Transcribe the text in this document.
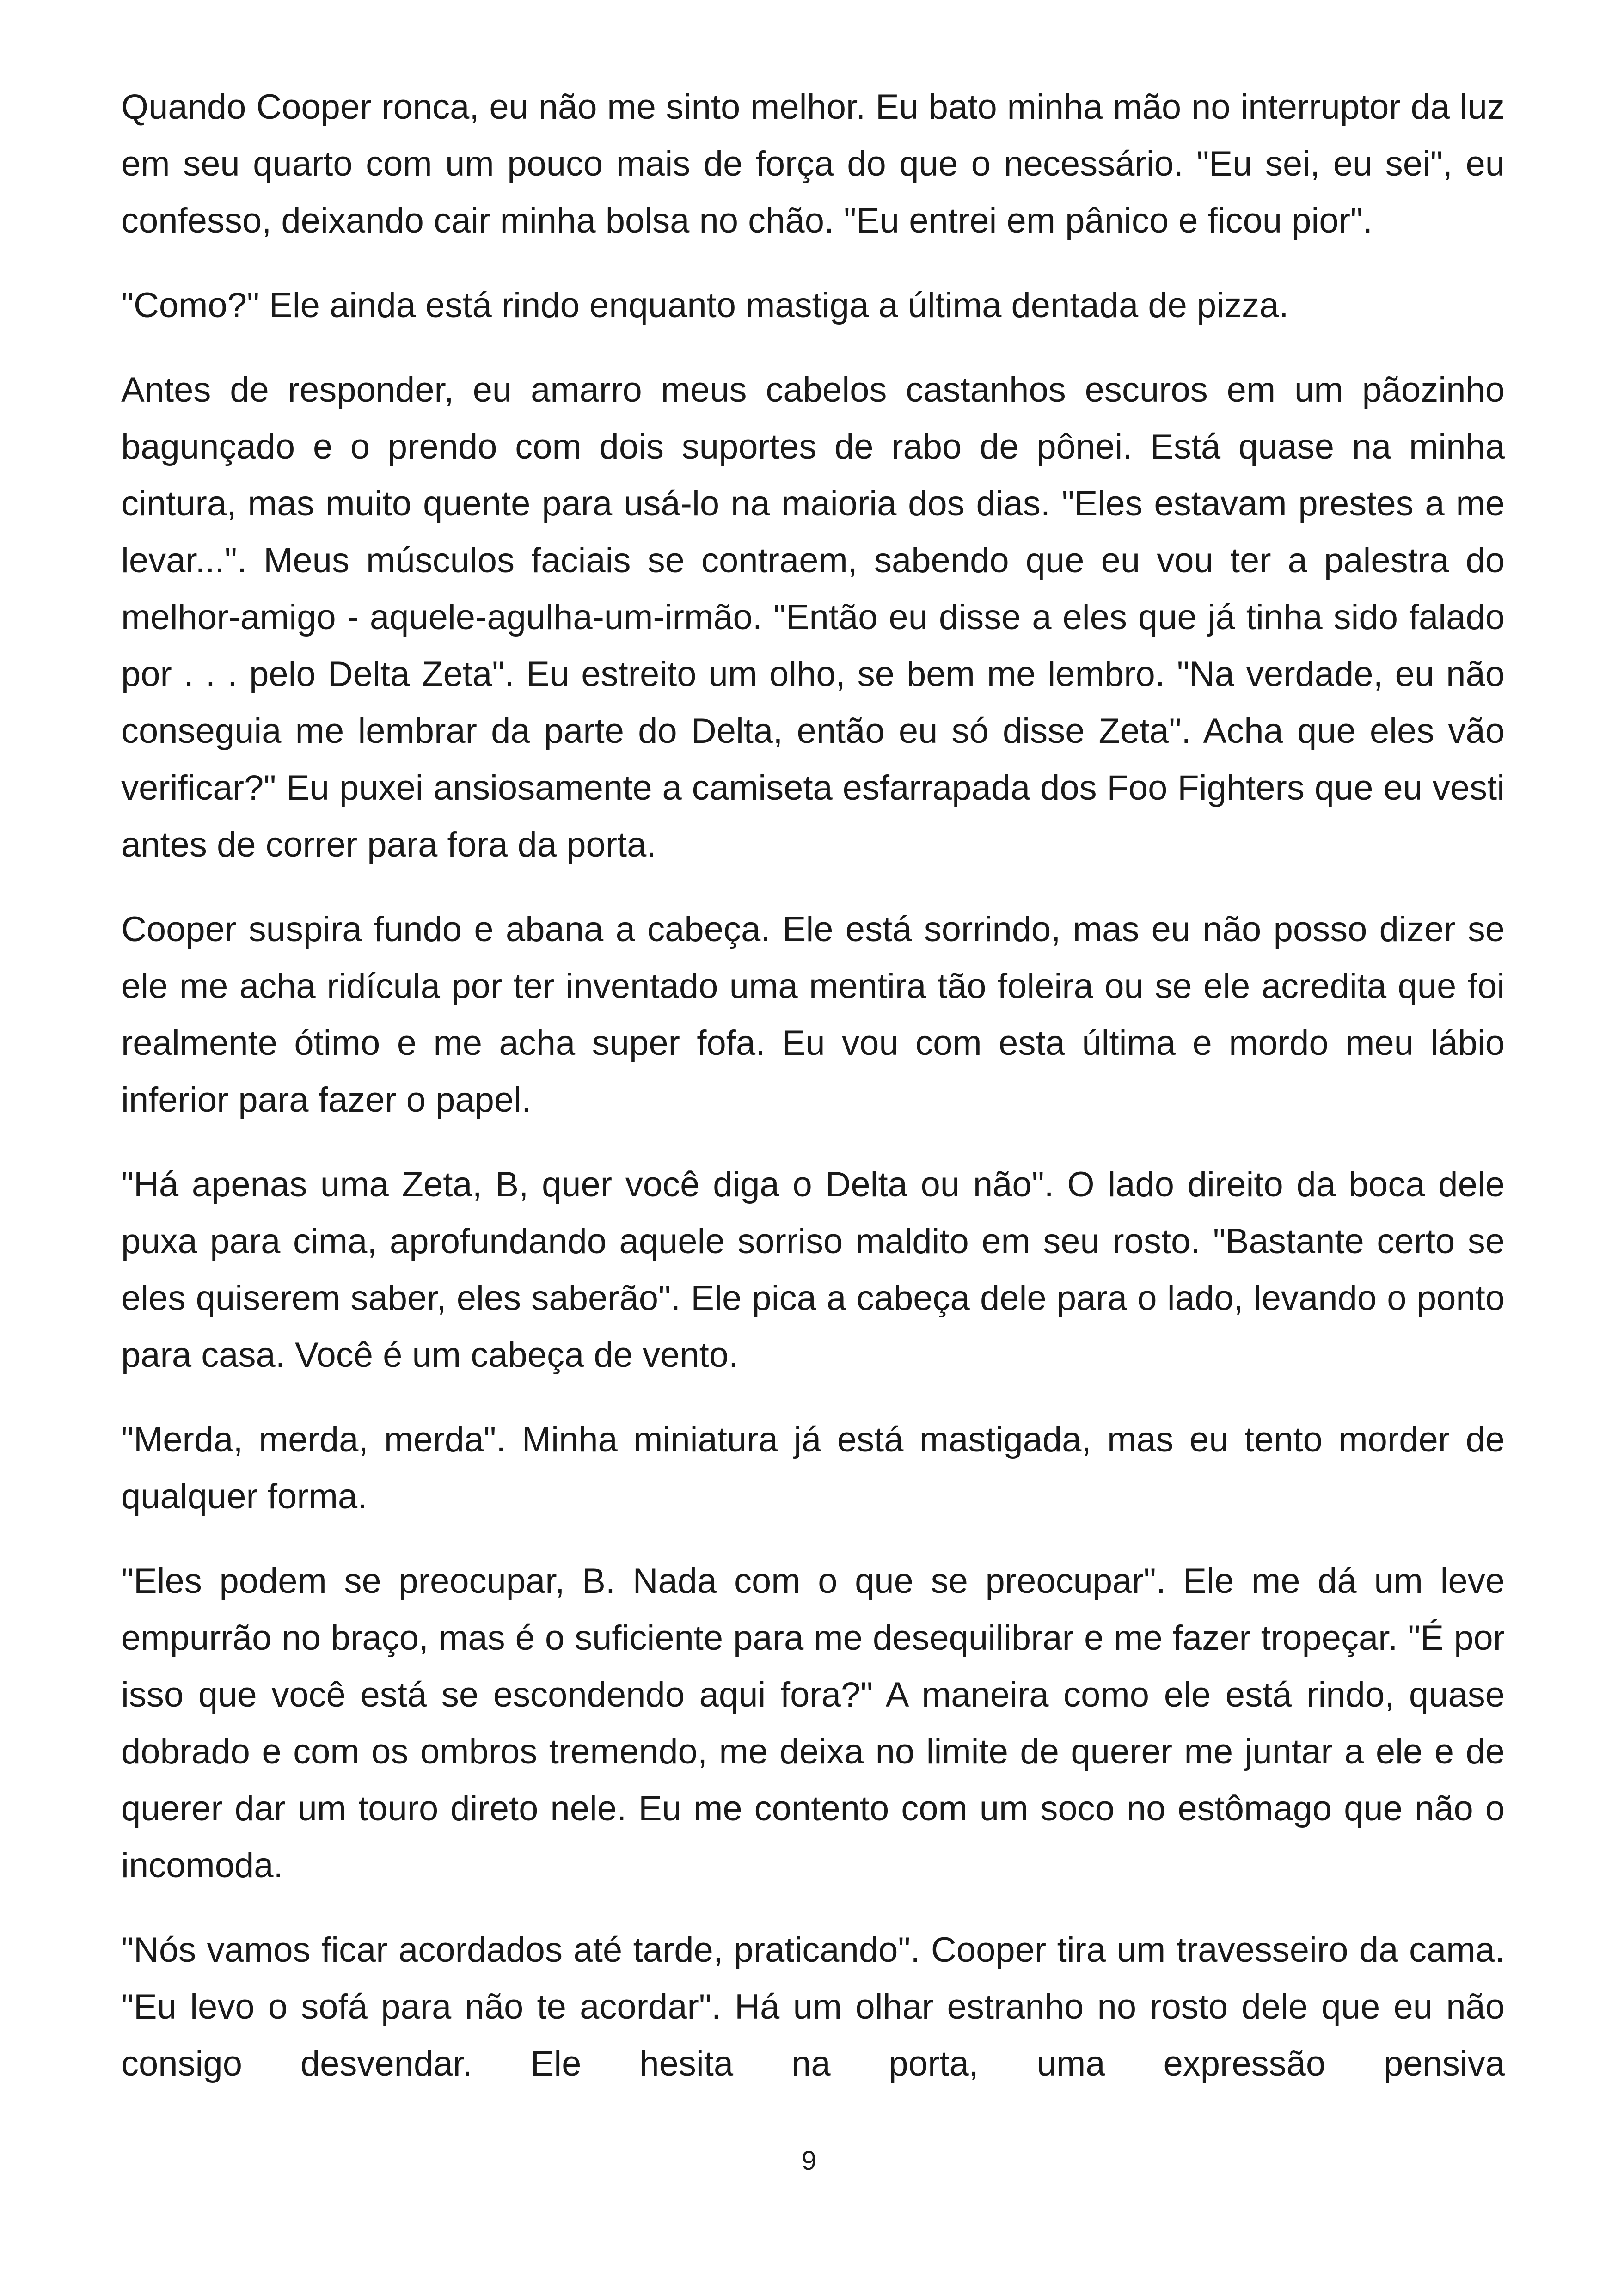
Quando Cooper ronca, eu não me sinto melhor. Eu bato minha mão no interruptor da luz em seu quarto com um pouco mais de força do que o necessário. "Eu sei, eu sei", eu confesso, deixando cair minha bolsa no chão. "Eu entrei em pânico e ficou pior".

"Como?" Ele ainda está rindo enquanto mastiga a última dentada de pizza.

Antes de responder, eu amarro meus cabelos castanhos escuros em um pãozinho bagunçado e o prendo com dois suportes de rabo de pônei. Está quase na minha cintura, mas muito quente para usá-lo na maioria dos dias. "Eles estavam prestes a me levar...". Meus músculos faciais se contraem, sabendo que eu vou ter a palestra do melhor-amigo - aquele-agulha-um-irmão. "Então eu disse a eles que já tinha sido falado por . . . pelo Delta Zeta". Eu estreito um olho, se bem me lembro. "Na verdade, eu não conseguia me lembrar da parte do Delta, então eu só disse Zeta". Acha que eles vão verificar?" Eu puxei ansiosamente a camiseta esfarrapada dos Foo Fighters que eu vesti antes de correr para fora da porta.

Cooper suspira fundo e abana a cabeça. Ele está sorrindo, mas eu não posso dizer se ele me acha ridícula por ter inventado uma mentira tão foleira ou se ele acredita que foi realmente ótimo e me acha super fofa. Eu vou com esta última e mordo meu lábio inferior para fazer o papel.

"Há apenas uma Zeta, B, quer você diga o Delta ou não". O lado direito da boca dele puxa para cima, aprofundando aquele sorriso maldito em seu rosto. "Bastante certo se eles quiserem saber, eles saberão". Ele pica a cabeça dele para o lado, levando o ponto para casa. Você é um cabeça de vento.

"Merda, merda, merda". Minha miniatura já está mastigada, mas eu tento morder de qualquer forma.

"Eles podem se preocupar, B. Nada com o que se preocupar". Ele me dá um leve empurrão no braço, mas é o suficiente para me desequilibrar e me fazer tropeçar. "É por isso que você está se escondendo aqui fora?" A maneira como ele está rindo, quase dobrado e com os ombros tremendo, me deixa no limite de querer me juntar a ele e de querer dar um touro direto nele. Eu me contento com um soco no estômago que não o incomoda.

"Nós vamos ficar acordados até tarde, praticando". Cooper tira um travesseiro da cama. "Eu levo o sofá para não te acordar". Há um olhar estranho no rosto dele que eu não consigo desvendar. Ele hesita na porta, uma expressão pensiva

9
